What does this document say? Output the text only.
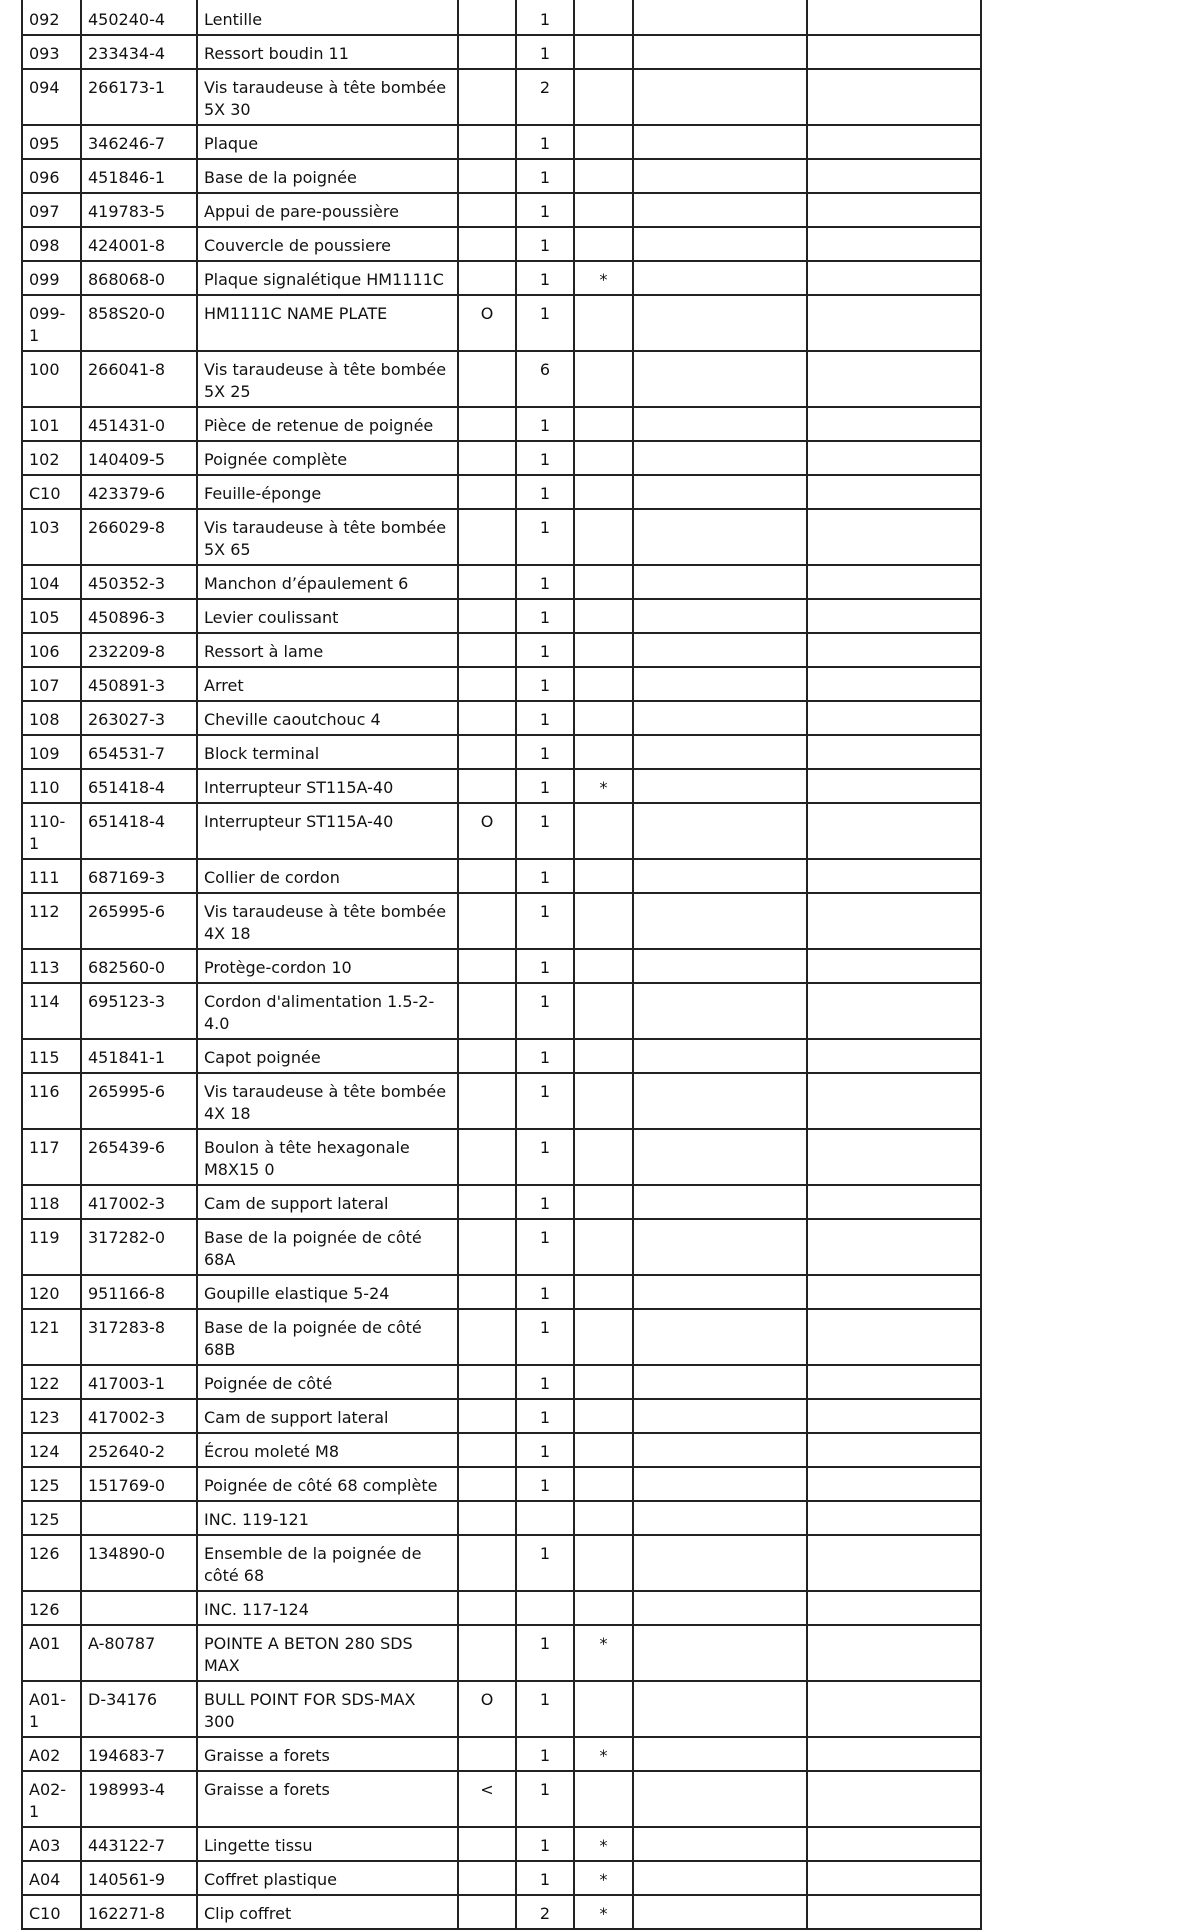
092	450240-4	Lentille		1			
093	233434-4	Ressort boudin 11		1			
094	266173-1	Vis taraudeuse à tête bombée 5X 30		2			
095	346246-7	Plaque		1			
096	451846-1	Base de la poignée		1			
097	419783-5	Appui de pare-poussière		1			
098	424001-8	Couvercle de poussiere		1			
099	868068-0	Plaque signalétique HM1111C		1	*		
099-1	858S20-0	HM1111C NAME PLATE	O	1			
100	266041-8	Vis taraudeuse à tête bombée 5X 25		6			
101	451431-0	Pièce de retenue de poignée		1			
102	140409-5	Poignée complète		1			
C10	423379-6	Feuille-éponge		1			
103	266029-8	Vis taraudeuse à tête bombée 5X 65		1			
104	450352-3	Manchon d’épaulement 6		1			
105	450896-3	Levier coulissant		1			
106	232209-8	Ressort à lame		1			
107	450891-3	Arret		1			
108	263027-3	Cheville caoutchouc 4		1			
109	654531-7	Block terminal		1			
110	651418-4	Interrupteur ST115A-40		1	*		
110-1	651418-4	Interrupteur ST115A-40	O	1			
111	687169-3	Collier de cordon		1			
112	265995-6	Vis taraudeuse à tête bombée 4X 18		1			
113	682560-0	Protège-cordon 10		1			
114	695123-3	Cordon d'alimentation 1.5-2-4.0		1			
115	451841-1	Capot poignée		1			
116	265995-6	Vis taraudeuse à tête bombée 4X 18		1			
117	265439-6	Boulon à tête hexagonale M8X15 0		1			
118	417002-3	Cam de support lateral		1			
119	317282-0	Base de la poignée de côté 68A		1			
120	951166-8	Goupille elastique 5-24		1			
121	317283-8	Base de la poignée de côté 68B		1			
122	417003-1	Poignée de côté		1			
123	417002-3	Cam de support lateral		1			
124	252640-2	Écrou moleté M8		1			
125	151769-0	Poignée de côté 68 complète		1			
125		INC. 119-121					
126	134890-0	Ensemble de la poignée de côté 68		1			
126		INC. 117-124					
A01	A-80787	POINTE A BETON 280 SDS MAX		1	*		
A01-1	D-34176	BULL POINT FOR SDS-MAX 300	O	1			
A02	194683-7	Graisse a forets		1	*		
A02-1	198993-4	Graisse a forets	<	1			
A03	443122-7	Lingette tissu		1	*		
A04	140561-9	Coffret plastique		1	*		
C10	162271-8	Clip coffret		2	*		
